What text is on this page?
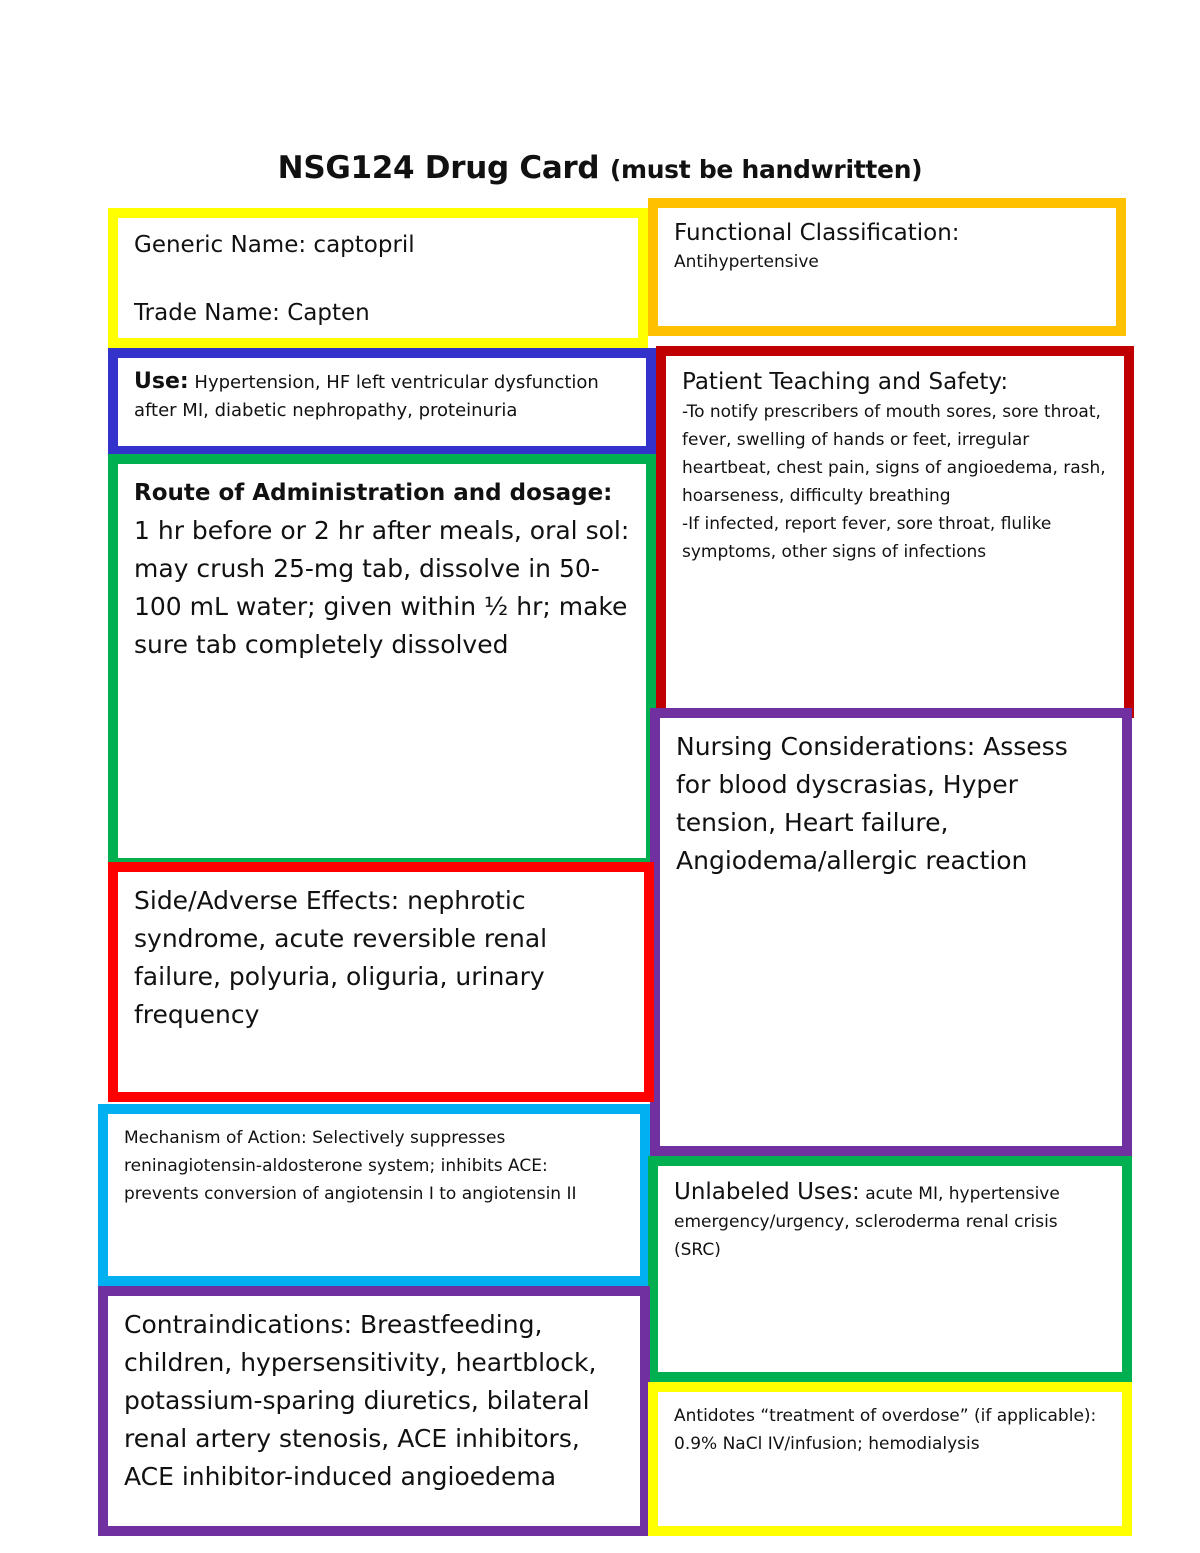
NSG124 Drug Card (must be handwritten)
Generic Name: captopril
Trade Name: Capten
Functional Classification:
Antihypertensive
Use: Hypertension, HF left ventricular dysfunction after MI, diabetic nephropathy, proteinuria
Patient Teaching and Safety:
-To notify prescribers of mouth sores, sore throat, fever, swelling of hands or feet, irregular heartbeat, chest pain, signs of angioedema, rash, hoarseness, difficulty breathing
-If infected, report fever, sore throat, flulike symptoms, other signs of infections
Route of Administration and dosage:
1 hr before or 2 hr after meals, oral sol: may crush 25-mg tab, dissolve in 50-100 mL water; given within ½ hr; make sure tab completely dissolved
Nursing Considerations: Assess for blood dyscrasias, Hyper tension, Heart failure, Angiodema/allergic reaction
Side/Adverse Effects: nephrotic syndrome, acute reversible renal failure, polyuria, oliguria, urinary frequency
Mechanism of Action: Selectively suppresses reninagiotensin-aldosterone system; inhibits ACE: prevents conversion of angiotensin I to angiotensin II	Unlabeled Uses: acute MI, hypertensive emergency/urgency, scleroderma renal crisis (SRC)
Contraindications: Breastfeeding, children, hypersensitivity, heartblock, potassium-sparing diuretics, bilateral renal artery stenosis, ACE inhibitors, ACE inhibitor-induced angioedema
Antidotes “treatment of overdose” (if applicable): 0.9% NaCl IV/infusion; hemodialysis
